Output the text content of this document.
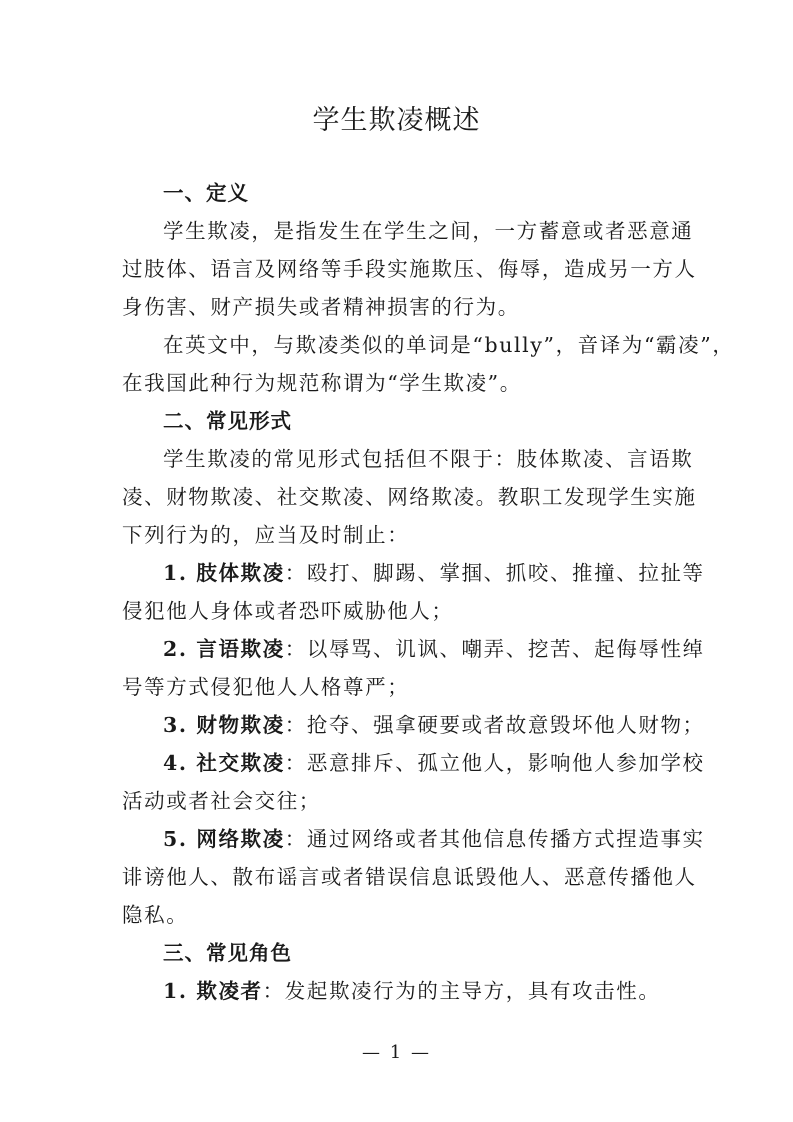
学生欺凌概述
一、定义
学生欺凌，是指发生在学生之间，一方蓄意或者恶意通
过肢体、语言及网络等手段实施欺压、侮辱，造成另一方人
身伤害、财产损失或者精神损害的行为。
在英文中，与欺凌类似的单词是“bully”，音译为“霸凌”，
在我国此种行为规范称谓为“学生欺凌”。
二、常见形式
学生欺凌的常见形式包括但不限于：肢体欺凌、言语欺
凌、财物欺凌、社交欺凌、网络欺凌。教职工发现学生实施
下列行为的，应当及时制止：
1. 肢体欺凌：殴打、脚踢、掌掴、抓咬、推撞、拉扯等
侵犯他人身体或者恐吓威胁他人；
2. 言语欺凌：以辱骂、讥讽、嘲弄、挖苦、起侮辱性绰
号等方式侵犯他人人格尊严；
3. 财物欺凌：抢夺、强拿硬要或者故意毁坏他人财物；
4. 社交欺凌：恶意排斥、孤立他人，影响他人参加学校
活动或者社会交往；
5. 网络欺凌：通过网络或者其他信息传播方式捏造事实
诽谤他人、散布谣言或者错误信息诋毁他人、恶意传播他人
隐私。
三、常见角色
1. 欺凌者：发起欺凌行为的主导方，具有攻击性。
— 1 —
